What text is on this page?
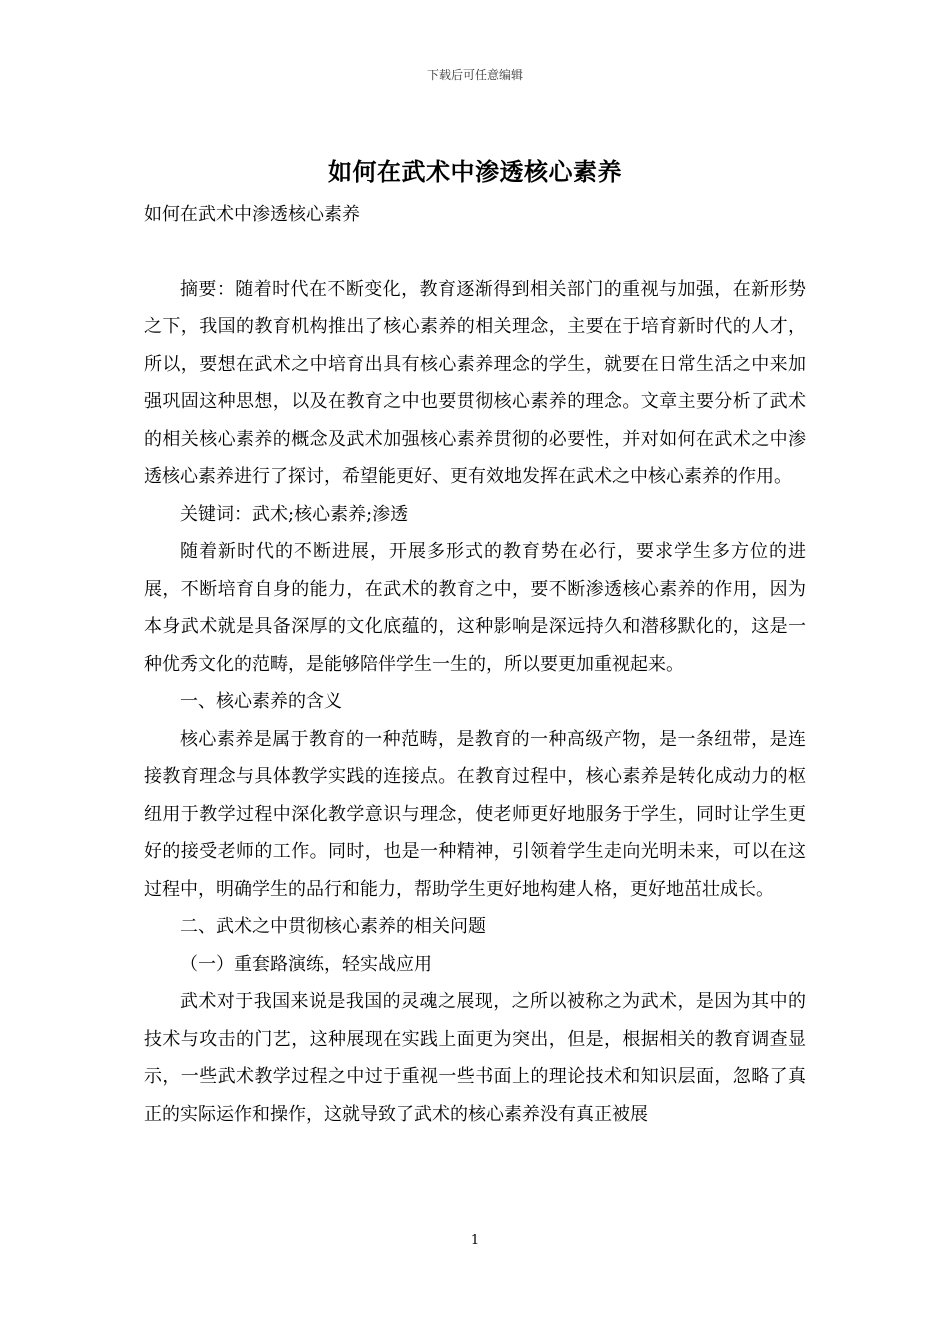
下载后可任意编辑
如何在武术中渗透核心素养

如何在武术中渗透核心素养

摘要：随着时代在不断变化，教育逐渐得到相关部门的重视与加强，在新形势之下，我国的教育机构推出了核心素养的相关理念，主要在于培育新时代的人才，所以，要想在武术之中培育出具有核心素养理念的学生，就要在日常生活之中来加强巩固这种思想，以及在教育之中也要贯彻核心素养的理念。文章主要分析了武术的相关核心素养的概念及武术加强核心素养贯彻的必要性，并对如何在武术之中渗透核心素养进行了探讨，希望能更好、更有效地发挥在武术之中核心素养的作用。

关键词：武术;核心素养;渗透

随着新时代的不断进展，开展多形式的教育势在必行，要求学生多方位的进展，不断培育自身的能力，在武术的教育之中，要不断渗透核心素养的作用，因为本身武术就是具备深厚的文化底蕴的，这种影响是深远持久和潜移默化的，这是一种优秀文化的范畴，是能够陪伴学生一生的，所以要更加重视起来。

一、核心素养的含义

核心素养是属于教育的一种范畴，是教育的一种高级产物，是一条纽带，是连接教育理念与具体教学实践的连接点。在教育过程中，核心素养是转化成动力的枢纽用于教学过程中深化教学意识与理念，使老师更好地服务于学生，同时让学生更好的接受老师的工作。同时，也是一种精神，引领着学生走向光明未来，可以在这过程中，明确学生的品行和能力，帮助学生更好地构建人格，更好地茁壮成长。

二、武术之中贯彻核心素养的相关问题

（一）重套路演练，轻实战应用

武术对于我国来说是我国的灵魂之展现，之所以被称之为武术，是因为其中的技术与攻击的门艺，这种展现在实践上面更为突出，但是，根据相关的教育调查显示，一些武术教学过程之中过于重视一些书面上的理论技术和知识层面，忽略了真正的实际运作和操作，这就导致了武术的核心素养没有真正被展

1
